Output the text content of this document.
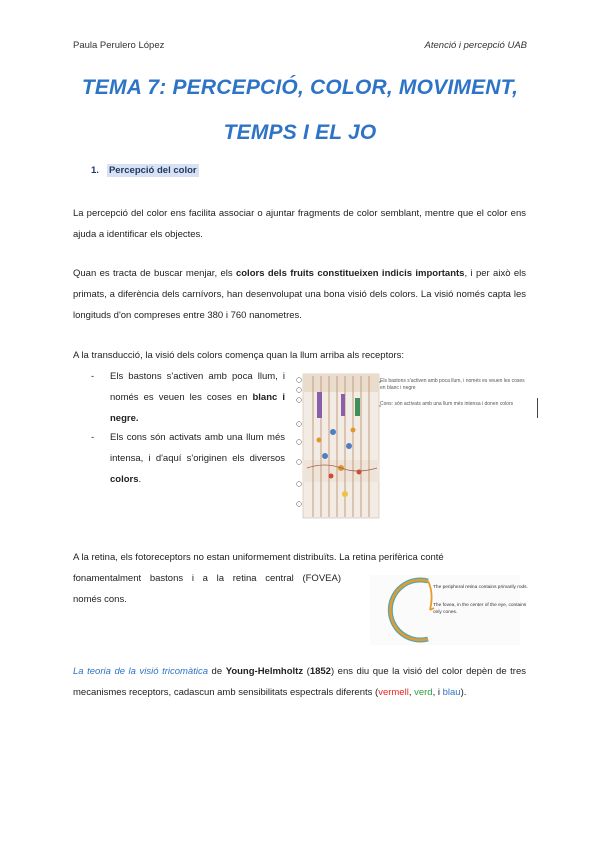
Paula Perulero López	Atenció i percepció UAB
TEMA 7: PERCEPCIÓ, COLOR, MOVIMENT,
TEMPS I EL JO
1. Percepció del color
La percepció del color ens facilita associar o ajuntar fragments de color semblant, mentre que el color ens ajuda a identificar els objectes.
Quan es tracta de buscar menjar, els colors dels fruits constitueixen indicis importants, i per això els primats, a diferència dels carnívors, han desenvolupat una bona visió dels colors. La visió només capta les longituds d'on compreses entre 380 i 760 nanometres.
A la transducció, la visió dels colors comença quan la llum arriba als receptors:
- Els bastons s'activen amb poca llum, i només es veuen les coses en blanc i negre.
- Els cons són activats amb una llum més intensa, i d'aquí s'originen els diversos colors.
Els bastons s'activen amb poca llum, i només es veuen les coses en blanc i negre
Cons: són activats amb una llum més intensa i donen colors
A la retina, els fotoreceptors no estan uniformement distribuïts. La retina perifèrica conté
fonamentalment bastons i a la retina central (FOVEA)
només cons.
The peripheral retina contains primarily rods.
The fovea, in the center of the eye, contains only cones.
La teoria de la visió tricomàtica de Young-Helmholtz (1852) ens diu que la visió del color depèn de tres mecanismes receptors, cadascun amb sensibilitats espectrals diferents (vermell, verd, i blau).
